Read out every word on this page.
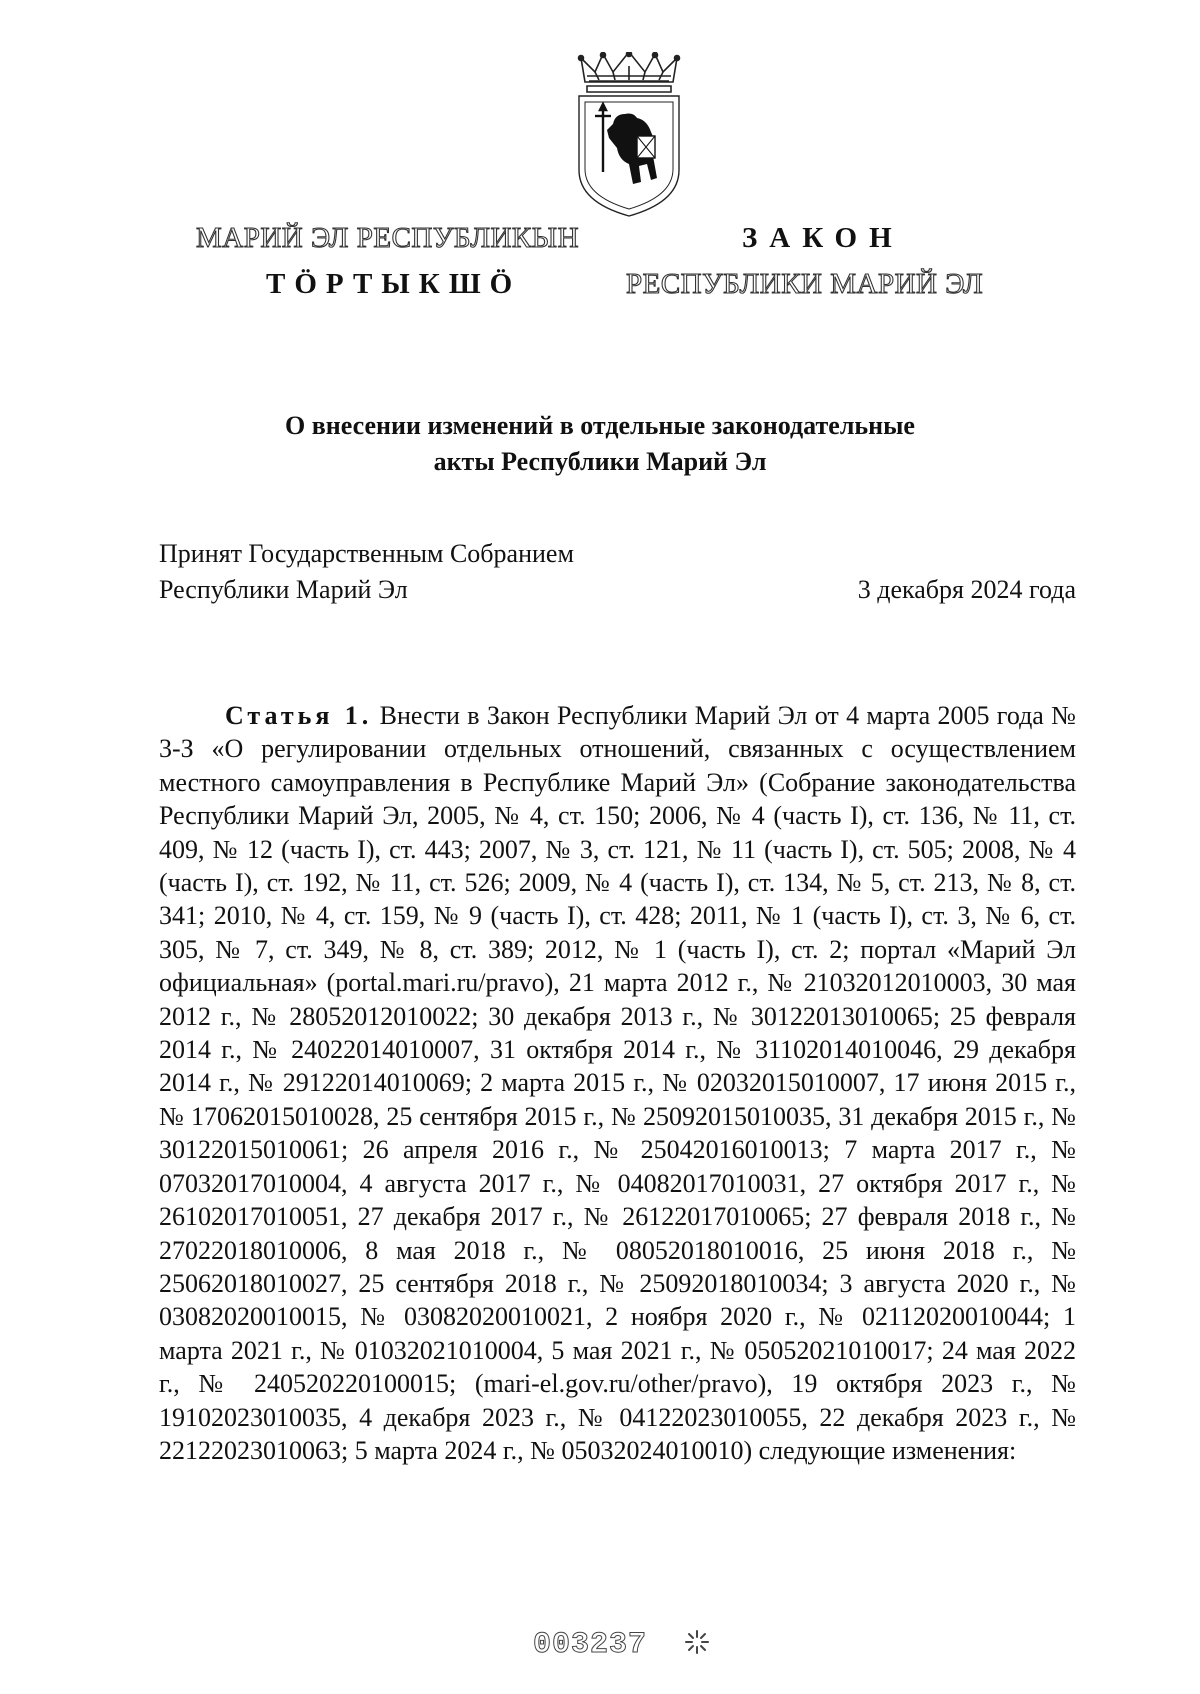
МАРИЙ ЭЛ РЕСПУБЛИКЫН
ТӦРТЫКШӦ
ЗАКОН
РЕСПУБЛИКИ МАРИЙ ЭЛ
О внесении изменений в отдельные законодательные
акты Республики Марий Эл
Принят Государственным Собранием
Республики Марий Эл	3 декабря 2024 года

Статья 1. Внести в Закон Республики Марий Эл от 4 марта 2005 года № 3-З «О регулировании отдельных отношений, связанных с осуществлением местного самоуправления в Республике Марий Эл» (Собрание законодательства Республики Марий Эл, 2005, № 4, ст. 150; 2006, № 4 (часть I), ст. 136, № 11, ст. 409, № 12 (часть I), ст. 443; 2007, № 3, ст. 121, № 11 (часть I), ст. 505; 2008, № 4 (часть I), ст. 192, № 11, ст. 526; 2009, № 4 (часть I), ст. 134, № 5, ст. 213, № 8, ст. 341; 2010, № 4, ст. 159, № 9 (часть I), ст. 428; 2011, № 1 (часть I), ст. 3, № 6, ст. 305, № 7, ст. 349, № 8, ст. 389; 2012, № 1 (часть I), ст. 2; портал «Марий Эл официальная» (portal.mari.ru/pravo), 21 марта 2012 г., № 21032012010003, 30 мая 2012 г., № 28052012010022; 30 декабря 2013 г., № 30122013010065; 25 февраля 2014 г., № 24022014010007, 31 октября 2014 г., № 31102014010046, 29 декабря 2014 г., № 29122014010069; 2 марта 2015 г., № 02032015010007, 17 июня 2015 г., № 17062015010028, 25 сентября 2015 г., № 25092015010035, 31 декабря 2015 г., № 30122015010061; 26 апреля 2016 г., № 25042016010013; 7 марта 2017 г., № 07032017010004, 4 августа 2017 г., № 04082017010031, 27 октября 2017 г., № 26102017010051, 27 декабря 2017 г., № 26122017010065; 27 февраля 2018 г., № 27022018010006, 8 мая 2018 г., № 08052018010016, 25 июня 2018 г., № 25062018010027, 25 сентября 2018 г., № 25092018010034; 3 августа 2020 г., № 03082020010015, № 03082020010021, 2 ноября 2020 г., № 02112020010044; 1 марта 2021 г., № 01032021010004, 5 мая 2021 г., № 05052021010017; 24 мая 2022 г., № 240520220100015; (mari-el.gov.ru/other/pravo), 19 октября 2023 г., № 19102023010035, 4 декабря 2023 г., № 04122023010055, 22 декабря 2023 г., № 22122023010063; 5 марта 2024 г., № 05032024010010) следующие изменения:

003237
